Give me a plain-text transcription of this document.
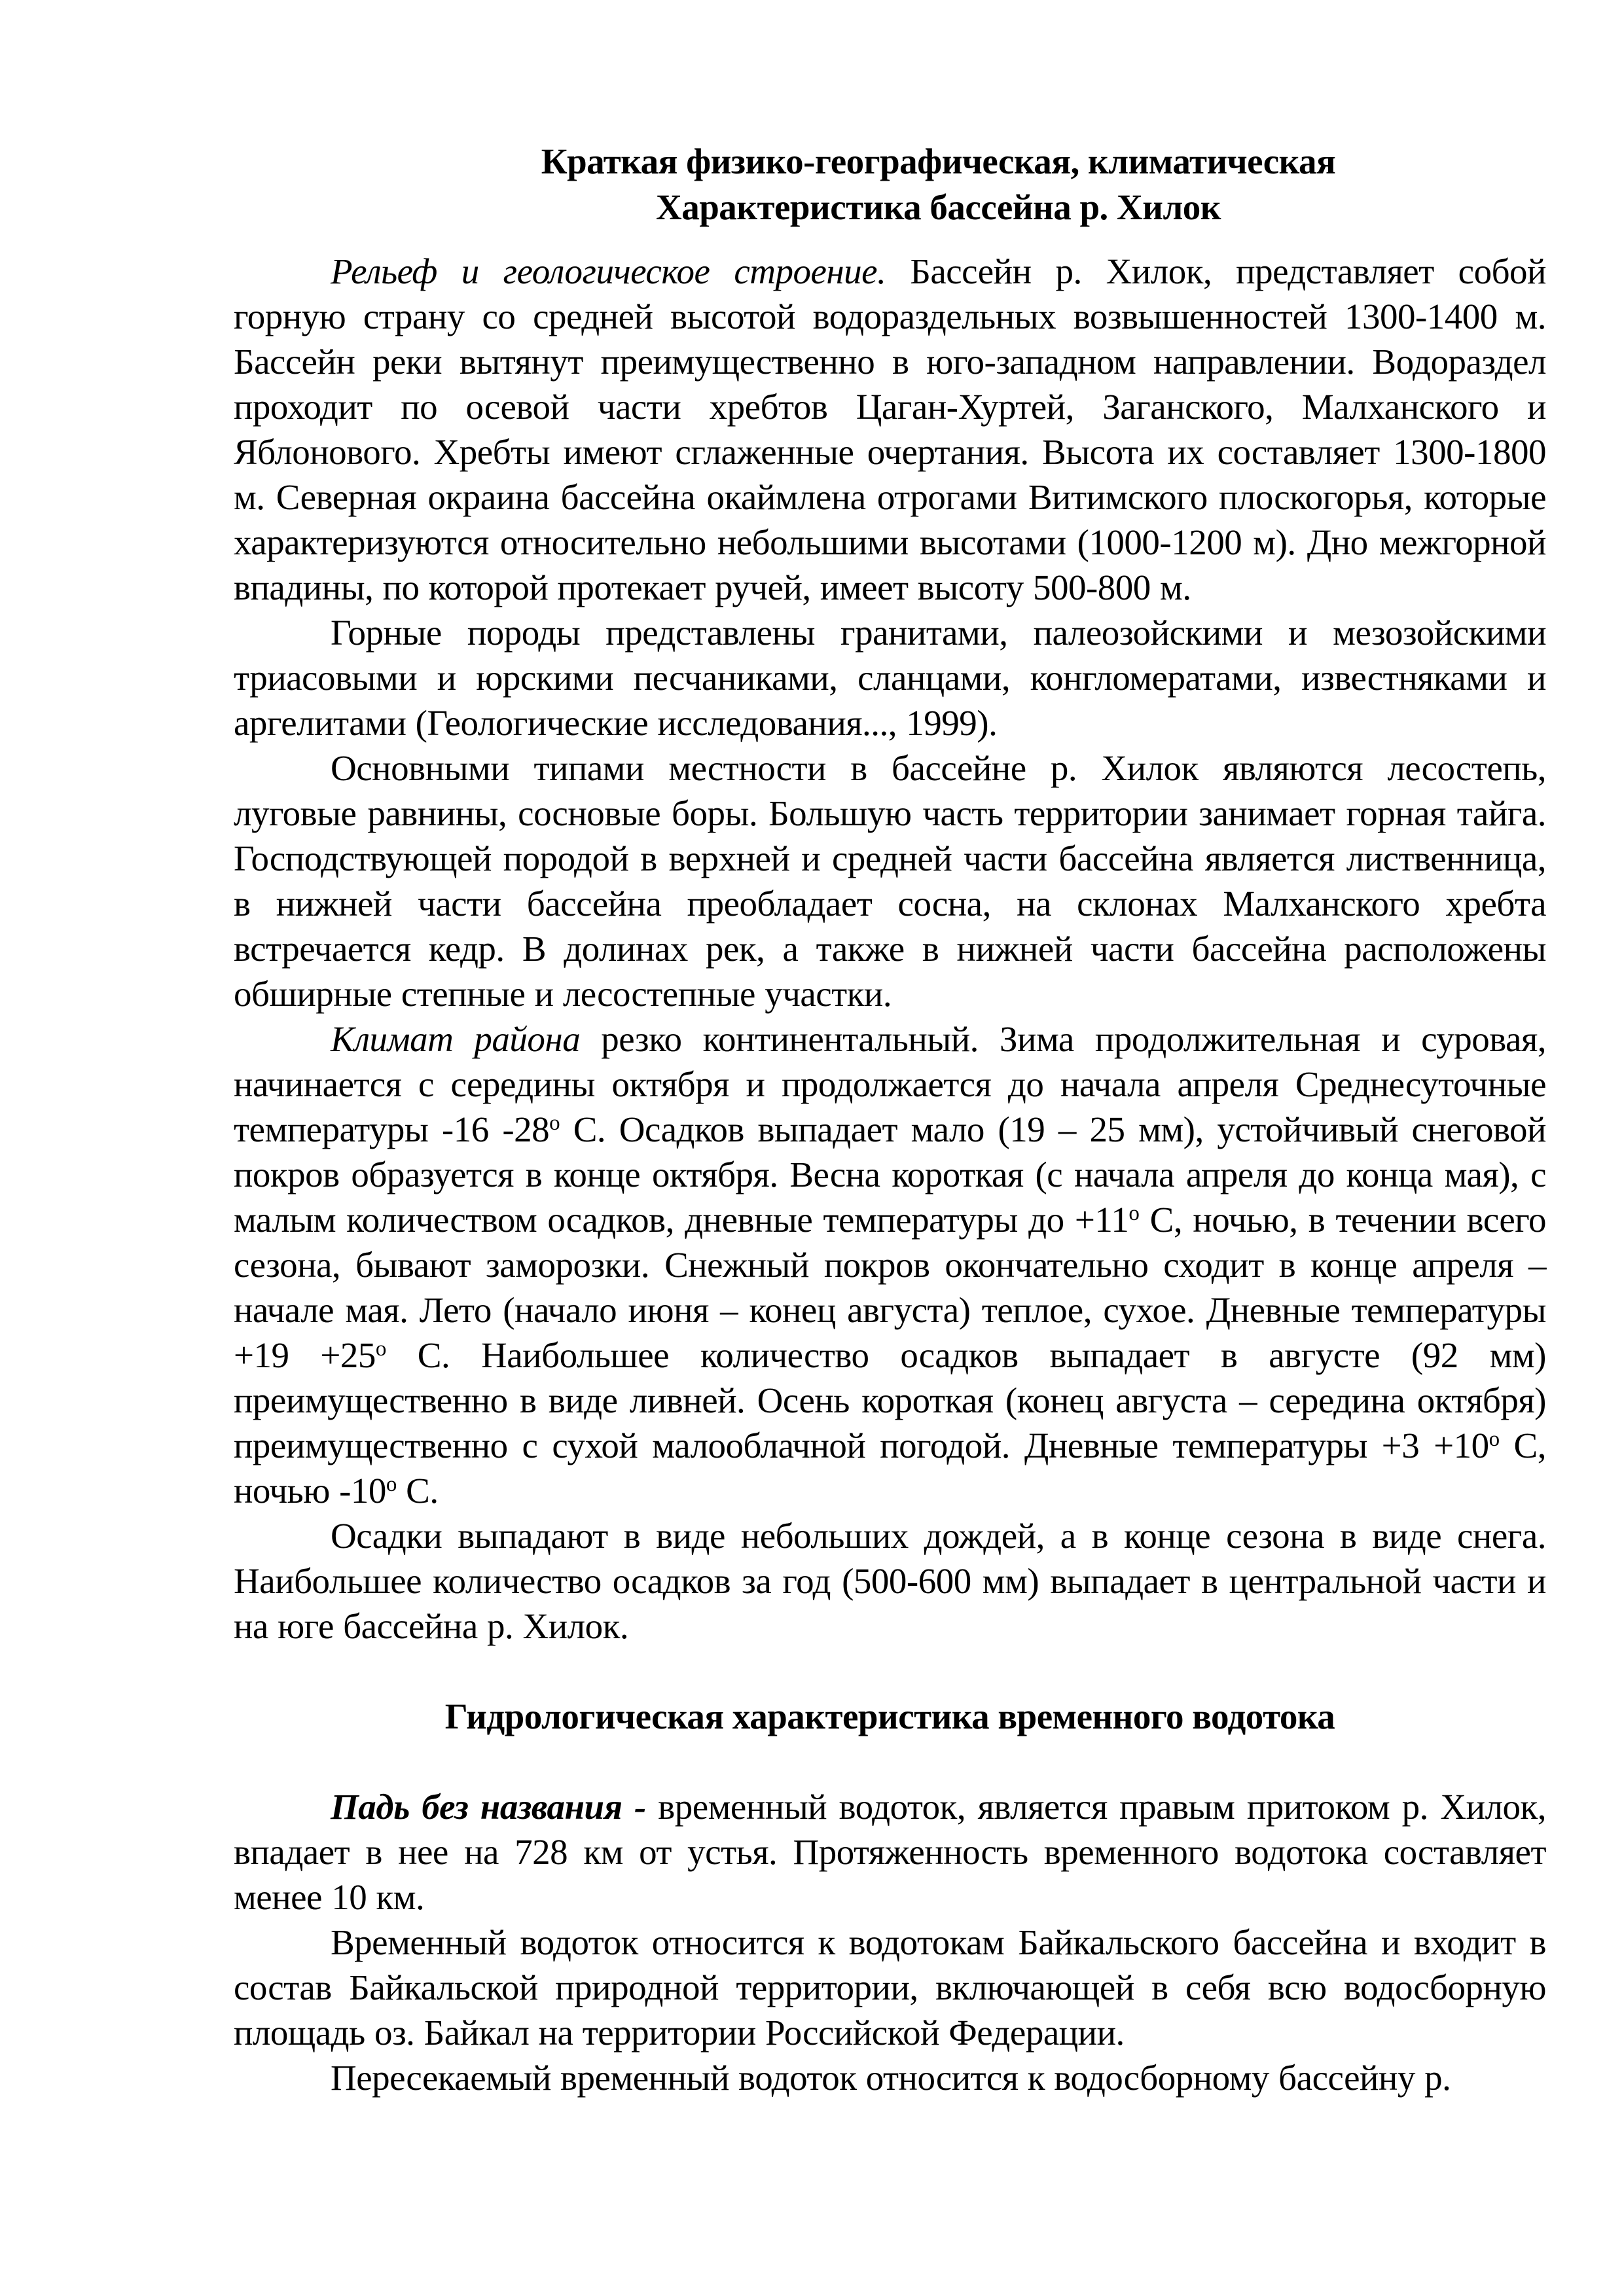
Краткая физико-географическая, климатическая
Характеристика бассейна р. Хилок

Рельеф и геологическое строение. Бассейн р. Хилок, представляет собой горную страну со средней высотой водораздельных возвышенностей 1300-1400 м. Бассейн реки вытянут преимущественно в юго-западном направлении. Водораздел проходит по осевой части хребтов Цаган-Хуртей, Заганского, Малханского и Яблонового. Хребты имеют сглаженные очертания. Высота их составляет 1300-1800 м. Северная окраина бассейна окаймлена отрогами Витимского плоскогорья, которые характеризуются относительно небольшими высотами (1000-1200 м). Дно межгорной впадины, по которой протекает ручей, имеет высоту 500-800 м.

Горные породы представлены гранитами, палеозойскими и мезозойскими триасовыми и юрскими песчаниками, сланцами, конгломератами, известняками и аргелитами (Геологические исследования..., 1999).

Основными типами местности в бассейне р. Хилок являются лесостепь, луговые равнины, сосновые боры. Большую часть территории занимает горная тайга. Господствующей породой в верхней и средней части бассейна является лиственница, в нижней части бассейна преобладает сосна, на склонах Малханского хребта встречается кедр. В долинах рек, а также в нижней части бассейна расположены обширные степные и лесостепные участки.

Климат района резко континентальный. Зима продолжительная и суровая, начинается с середины октября и продолжается до начала апреля Среднесуточные температуры -16 $-28^о$ С. Осадков выпадает мало (19 – 25 мм), устойчивый снеговой покров образуется в конце октября. Весна короткая (с начала апреля до конца мая), с малым количеством осадков, дневные температуры до $+11^о$ С, ночью, в течении всего сезона, бывают заморозки. Снежный покров окончательно сходит в конце апреля – начале мая. Лето (начало июня – конец августа) теплое, сухое. Дневные температуры $+19 +25^о$ С. Наибольшее количество осадков выпадает в августе (92 мм) преимущественно в виде ливней. Осень короткая (конец августа – середина октября) преимущественно с сухой малооблачной погодой. Дневные температуры $+3 +10^о$ С, ночью $-10^о$ С.

Осадки выпадают в виде небольших дождей, а в конце сезона в виде снега. Наибольшее количество осадков за год (500-600 мм) выпадает в центральной части и на юге бассейна р. Хилок.

Гидрологическая характеристика временного водотока

Падь без названия - временный водоток, является правым притоком р. Хилок, впадает в нее на 728 км от устья. Протяженность временного водотока составляет менее 10 км.

Временный водоток относится к водотокам Байкальского бассейна и входит в состав Байкальской природной территории, включающей в себя всю водосборную площадь оз. Байкал на территории Российской Федерации.

Пересекаемый временный водоток относится к водосборному бассейну р.
